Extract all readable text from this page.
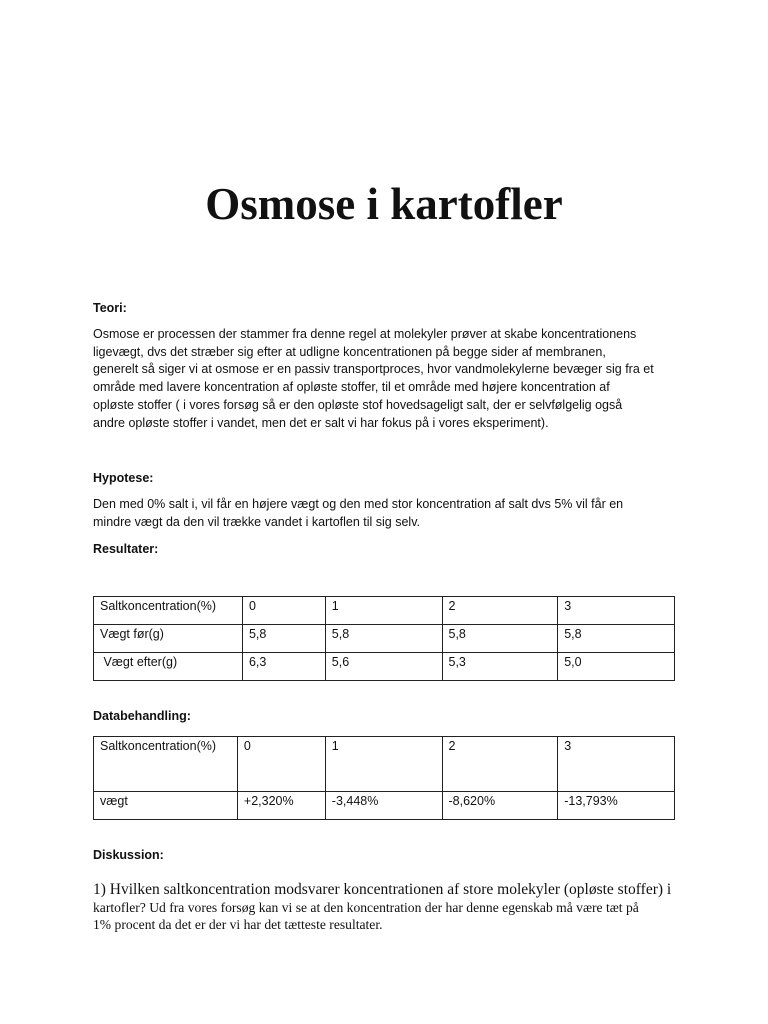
Osmose i kartofler

Teori:

Osmose er processen der stammer fra denne regel at molekyler prøver at skabe koncentrationens
ligevægt, dvs det stræber sig efter at udligne koncentrationen på begge sider af membranen,
generelt så siger vi at osmose er en passiv transportproces, hvor vandmolekylerne bevæger sig fra et
område med lavere koncentration af opløste stoffer, til et område med højere koncentration af
opløste stoffer ( i vores forsøg så er den opløste stof hovedsageligt salt, der er selvfølgelig også
andre opløste stoffer i vandet, men det er salt vi har fokus på i vores eksperiment).

Hypotese:

Den med 0% salt i, vil får en højere vægt og den med stor koncentration af salt dvs 5% vil får en
mindre vægt da den vil trække vandet i kartoflen til sig selv.

Resultater:

Saltkoncentration(%)	0	1	2	3
Vægt før(g)	5,8	5,8	5,8	5,8
Vægt efter(g)	6,3	5,6	5,3	5,0

Databehandling:

Saltkoncentration(%)	0	1	2	3
vægt	+2,320%	-3,448%	-8,620%	-13,793%

Diskussion:

1) Hvilken saltkoncentration modsvarer koncentrationen af store molekyler (opløste stoffer) i
kartofler? Ud fra vores forsøg kan vi se at den koncentration der har denne egenskab må være tæt på
1% procent da det er der vi har det tætteste resultater.
